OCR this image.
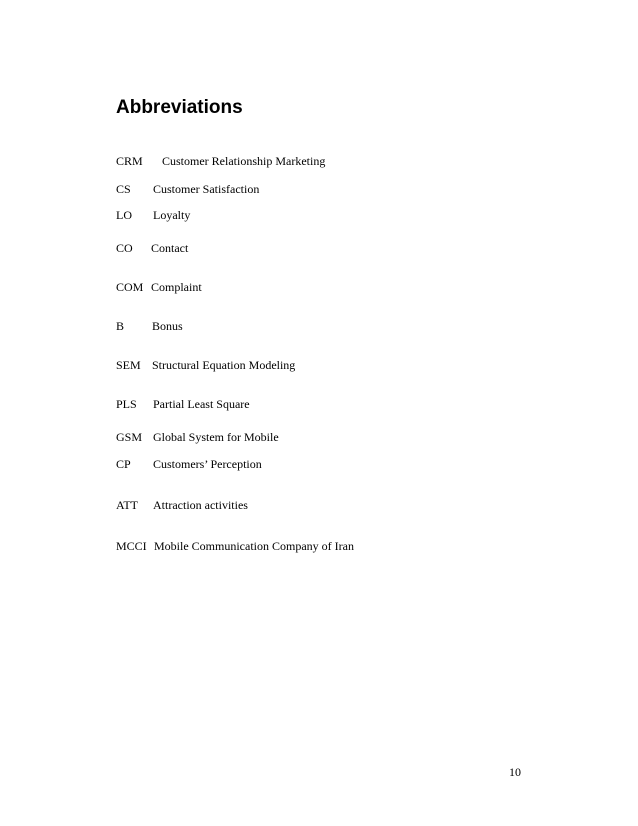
Abbreviations
CRM Customer Relationship Marketing
CS Customer Satisfaction
LO Loyalty
CO Contact
COM Complaint
B Bonus
SEM Structural Equation Modeling
PLS Partial Least Square
GSM Global System for Mobile
CP Customers’ Perception
ATT Attraction activities
MCCI Mobile Communication Company of Iran
10
